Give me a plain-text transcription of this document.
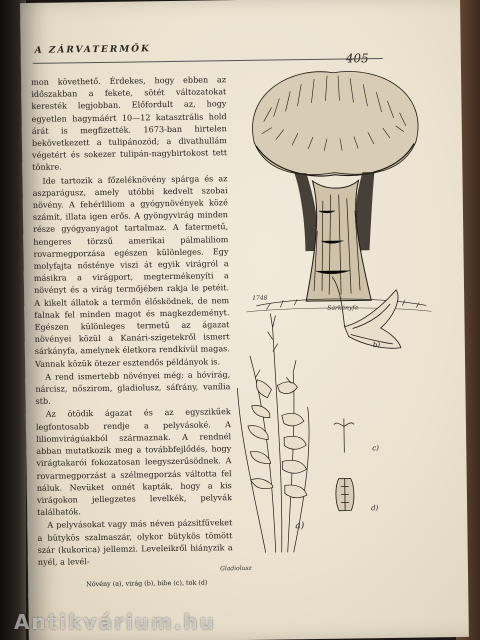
A ZÁRVATERMŐK
405

mon követhető. Érdekes, hogy ebben az időszakban a fekete, sötét változatokat keresték legjobban. Előfordult az, hogy egyetlen hagymáért 10—12 katasztrális hold árát is megfizették. 1673-ban hirtelen bekövetkezett a tulipánozód; a divathullám végetért és sokezer tulipán-nagybirtokost tett tönkre.

Ide tartozik a főzeléknövény spárga és az aszparágusz, amely utóbbi kedvelt szobai növény. A fehérliliom a gyógynövények közé számít, illata igen erős. A gyöngyvirág minden része gyógyanyagot tartalmaz. A fatermetű, hengeres törzsű amerikai pálmaliliom rovarmegporzása egészen különleges. Egy molyfajta nősténye viszi át egyik virágról a másikra a virágport, megtermékenyíti a növényt és a virág termőjében rakja le petéit. A kikelt állatok a termőn élősködnek, de nem falnak fel minden magot és magkezdeményt. Egészen különleges termetű az ágazat növényei közül a Kanári-szigetekről ismert sárkányfa, amelynek életkora rendkívül magas. Vannak közük ötezer esztendős példányok is.

A rend ismertebb növényei még: a hóvirág, nárcisz, nőszirom, gladiolusz, sáfrány, vanília stb.

Az ötödik ágazat és az egyszikűek legfontosabb rendje a pelyvásoké. A liliomvirágúakból származnak. A rendnél abban mutatkozik meg a továbbfejlődés, hogy virágtakarói fokozatosan leegyszerűsödnek. A rovarmegporzást a szélmegporzás váltotta fel náluk. Nevüket onnét kapták, hogy a kis virágokon jellegzetes levelkék, pelyvák találhatók.

A pelyvásokat vagy más néven pázsitfűveket a bütykös szalmaszár, olykor bütykös tömött szár (kukorica) jellemzi. Leveleikről hiányzik a nyél, a levél-

1748
Sárkányfa
b)
c)
d)
a)
Gladiolusz
Növény (a), virág (b), bibe (c), tok (d)
Antikvárium.hu
